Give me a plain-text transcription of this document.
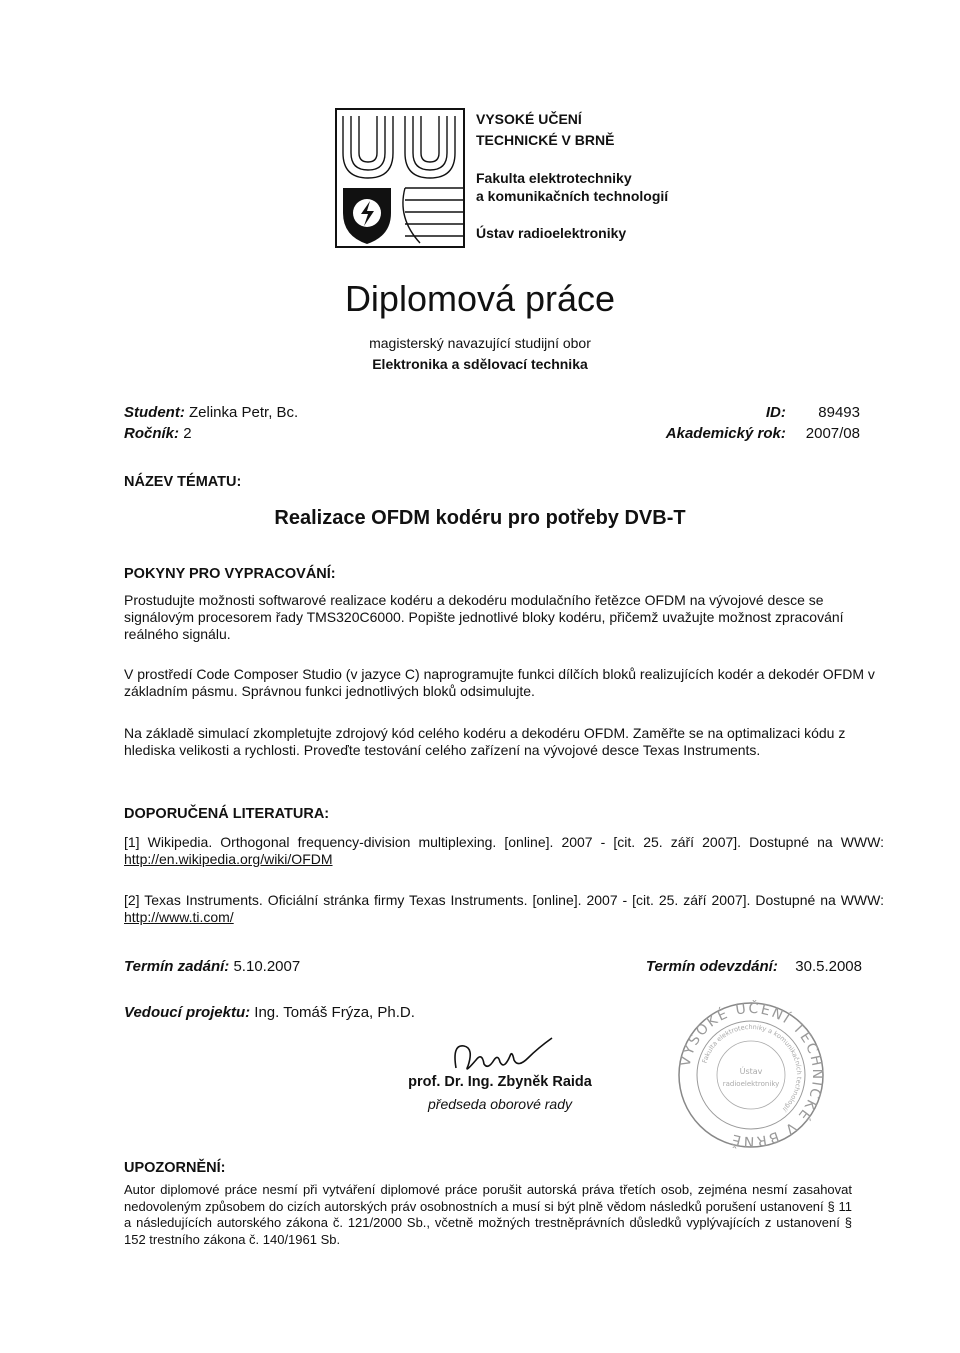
VYSOKÉ UČENÍ
TECHNICKÉ V BRNĚ
Fakulta elektrotechniky
a komunikačních technologií
Ústav radioelektroniky
Diplomová práce
magisterský navazující studijní obor
Elektronika a sdělovací technika
Student: Zelinka Petr, Bc.
Ročník: 2
ID: 89493
Akademický rok: 2007/08
NÁZEV TÉMATU:
Realizace OFDM kodéru pro potřeby DVB-T
POKYNY PRO VYPRACOVÁNÍ:

Prostudujte možnosti softwarové realizace kodéru a dekodéru modulačního řetězce OFDM na vývojové desce se signálovým procesorem řady TMS320C6000. Popište jednotlivé bloky kodéru, přičemž uvažujte možnost zpracování reálného signálu.

V prostředí Code Composer Studio (v jazyce C) naprogramujte funkci dílčích bloků realizujících kodér a dekodér OFDM v základním pásmu. Správnou funkci jednotlivých bloků odsimulujte.

Na základě simulací zkompletujte zdrojový kód celého kodéru a dekodéru OFDM. Zaměřte se na optimalizaci kódu z hlediska velikosti a rychlosti. Proveďte testování celého zařízení na vývojové desce Texas Instruments.

DOPORUČENÁ LITERATURA:
[1] Wikipedia. Orthogonal frequency-division multiplexing. [online]. 2007 - [cit. 25. září 2007]. Dostupné na WWW: http://en.wikipedia.org/wiki/OFDM
[2] Texas Instruments. Oficiální stránka firmy Texas Instruments. [online]. 2007 - [cit. 25. září 2007]. Dostupné na WWW: http://www.ti.com/
Termín zadání: 5.10.2007	Termín odevzdání: 30.5.2008
Vedoucí projektu: Ing. Tomáš Frýza, Ph.D.
prof. Dr. Ing. Zbyněk Raida
předseda oborové rady
VYSOKÉ UČENÍ TECHNICKÉ V BRNĚ
Fakulta elektrotechniky a komunikačních technologií
Ústav
radioelektroniky
UPOZORNĚNÍ:

Autor diplomové práce nesmí při vytváření diplomové práce porušit autorská práva třetích osob, zejména nesmí zasahovat nedovoleným způsobem do cizích autorských práv osobnostních a musí si být plně vědom následků porušení ustanovení § 11 a následujících autorského zákona č. 121/2000 Sb., včetně možných trestněprávních důsledků vyplývajících z ustanovení § 152 trestního zákona č. 140/1961 Sb.
